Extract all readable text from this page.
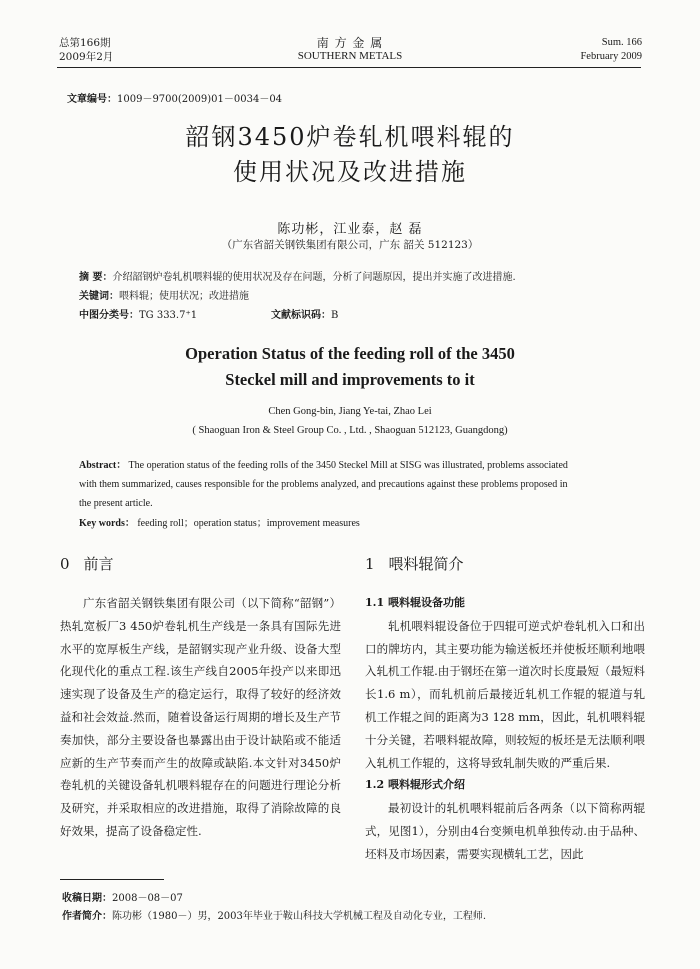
总第166期
2009年2月
南 方 金 属
SOUTHERN METALS
Sum. 166
February 2009
文章编号：1009－9700(2009)01－0034－04
韶钢3450炉卷轧机喂料辊的
使用状况及改进措施
陈功彬，江业泰，赵 磊
（广东省韶关钢铁集团有限公司，广东 韶关 512123）
摘 要：介绍韶钢炉卷轧机喂料辊的使用状况及存在问题，分析了问题原因，提出并实施了改进措施.
关键词：喂料辊；使用状况；改进措施
中图分类号：TG 333.7⁺1	文献标识码：B
Operation Status of the feeding roll of the 3450
Steckel mill and improvements to it
Chen Gong-bin, Jiang Ye-tai, Zhao Lei
( Shaoguan Iron & Steel Group Co. , Ltd. , Shaoguan 512123, Guangdong)
Abstract： The operation status of the feeding rolls of the 3450 Steckel Mill at SISG was illustrated, problems associated
with them summarized, causes responsible for the problems analyzed, and precautions against these problems proposed in
the present article.
Key words： feeding roll；operation status；improvement measures
0 前言

广东省韶关钢铁集团有限公司（以下简称“韶钢”）热轧宽板厂3 450炉卷轧机生产线是一条具有国际先进水平的宽厚板生产线，是韶钢实现产业升级、设备大型化现代化的重点工程.该生产线自2005年投产以来即迅速实现了设备及生产的稳定运行，取得了较好的经济效益和社会效益.然而，随着设备运行周期的增长及生产节奏加快，部分主要设备也暴露出由于设计缺陷或不能适应新的生产节奏而产生的故障或缺陷.本文针对3450炉卷轧机的关键设备轧机喂料辊存在的问题进行理论分析及研究，并采取相应的改进措施，取得了消除故障的良好效果，提高了设备稳定性.

1 喂料辊简介

1.1 喂料辊设备功能

轧机喂料辊设备位于四辊可逆式炉卷轧机入口和出口的牌坊内，其主要功能为输送板坯并使板坯顺利地喂入轧机工作辊.由于钢坯在第一道次时长度最短（最短料长1.6 m），而轧机前后最接近轧机工作辊的辊道与轧机工作辊之间的距离为3 128 mm，因此，轧机喂料辊十分关键，若喂料辊故障，则较短的板坯是无法顺利喂入轧机工作辊的，这将导致轧制失败的严重后果.

1.2 喂料辊形式介绍

最初设计的轧机喂料辊前后各两条（以下简称两辊式，见图1），分别由4台变频电机单独传动.由于品种、坯料及市场因素，需要实现横轧工艺，因此

收稿日期：2008－08－07
作者简介：陈功彬（1980－）男，2003年毕业于鞍山科技大学机械工程及自动化专业，工程师.
